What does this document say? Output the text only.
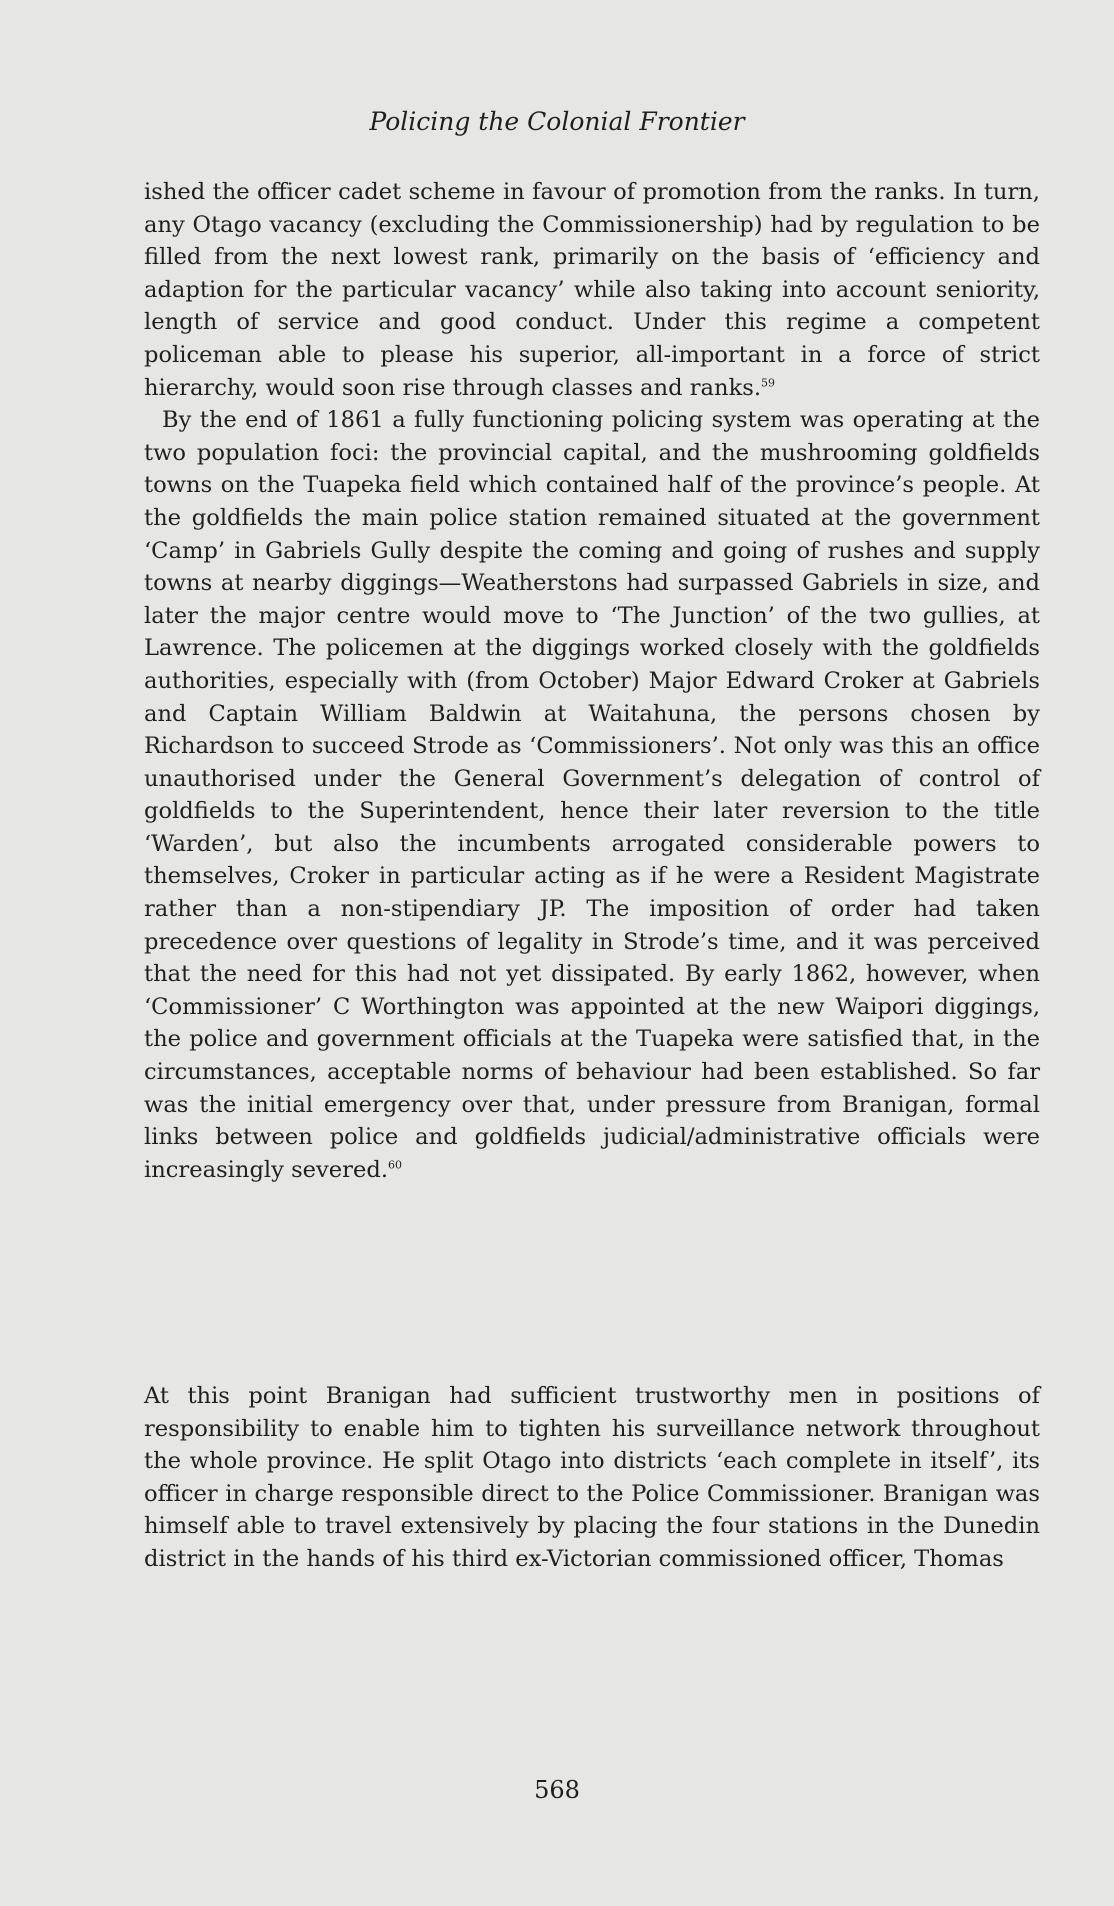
Policing the Colonial Frontier

ished the officer cadet scheme in favour of promotion from the ranks. In turn, any Otago vacancy (excluding the Commissionership) had by regulation to be filled from the next lowest rank, primarily on the basis of ‘efficiency and adaption for the particular vacancy’ while also taking into account seniority, length of service and good conduct. Under this regime a competent policeman able to please his superior, all-important in a force of strict hierarchy, would soon rise through classes and ranks.$^{59}$

By the end of 1861 a fully functioning policing system was operating at the two population foci: the provincial capital, and the mushrooming goldfields towns on the Tuapeka field which contained half of the province’s people. At the goldfields the main police station remained situated at the government ‘Camp’ in Gabriels Gully despite the coming and going of rushes and supply towns at nearby diggings—Weatherstons had surpassed Gabriels in size, and later the major centre would move to ‘The Junction’ of the two gullies, at Lawrence. The policemen at the diggings worked closely with the goldfields authorities, especially with (from October) Major Edward Croker at Gabriels and Captain William Baldwin at Waitahuna, the persons chosen by Richardson to succeed Strode as ‘Commissioners’. Not only was this an office unauthorised under the General Government’s delegation of control of goldfields to the Superintendent, hence their later reversion to the title ‘Warden’, but also the incumbents arrogated considerable powers to themselves, Croker in particular acting as if he were a Resident Magistrate rather than a non-stipendiary JP. The imposition of order had taken precedence over questions of legality in Strode’s time, and it was perceived that the need for this had not yet dissipated. By early 1862, however, when ‘Commissioner’ C Worthington was appointed at the new Waipori diggings, the police and government officials at the Tuapeka were satisfied that, in the circumstances, acceptable norms of behaviour had been established. So far was the initial emergency over that, under pressure from Branigan, formal links between police and goldfields judicial/administrative officials were increasingly severed.$^{60}$

At this point Branigan had sufficient trustworthy men in positions of responsibility to enable him to tighten his surveillance network throughout the whole province. He split Otago into districts ‘each complete in itself’, its officer in charge responsible direct to the Police Commissioner. Branigan was himself able to travel extensively by placing the four stations in the Dunedin district in the hands of his third ex-Victorian commissioned officer, Thomas

568
